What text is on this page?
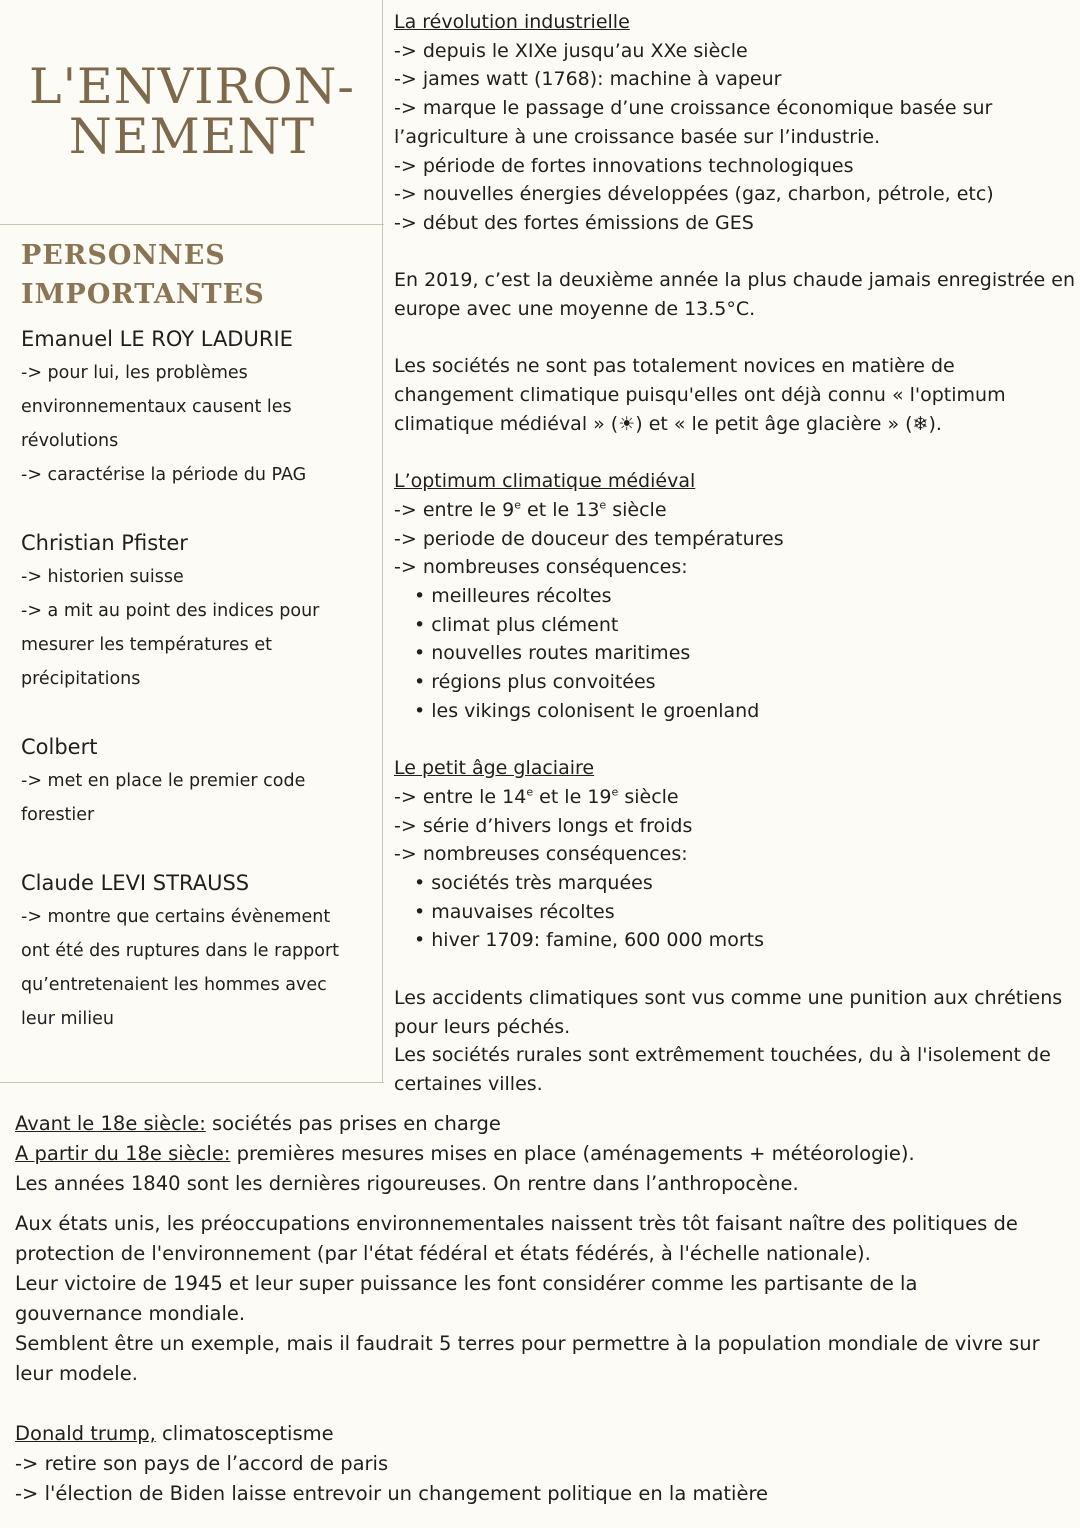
L'ENVIRON-
NEMENT
PERSONNES
IMPORTANTES
Emanuel LE ROY LADURIE
-> pour lui, les problèmes
environnementaux causent les
révolutions
-> caractérise la période du PAG
Christian Pfister
-> historien suisse
-> a mit au point des indices pour
mesurer les températures et
précipitations
Colbert
-> met en place le premier code
forestier
Claude LEVI STRAUSS
-> montre que certains évènement
ont été des ruptures dans le rapport
qu’entretenaient les hommes avec
leur milieu
La révolution industrielle
-> depuis le XIXe jusqu’au XXe siècle
-> james watt (1768): machine à vapeur
-> marque le passage d’une croissance économique basée sur
l’agriculture à une croissance basée sur l’industrie.
-> période de fortes innovations technologiques
-> nouvelles énergies développées (gaz, charbon, pétrole, etc)
-> début des fortes émissions de GES
En 2019, c’est la deuxième année la plus chaude jamais enregistrée en
europe avec une moyenne de 13.5°C.
Les sociétés ne sont pas totalement novices en matière de
changement climatique puisqu'elles ont déjà connu « l'optimum
climatique médiéval » (☀) et « le petit âge glacière » (❄).
L’optimum climatique médiéval
-> entre le 9e et le 13e siècle
-> periode de douceur des températures
-> nombreuses conséquences:
• meilleures récoltes
• climat plus clément
• nouvelles routes maritimes
• régions plus convoitées
• les vikings colonisent le groenland
Le petit âge glaciaire
-> entre le 14e et le 19e siècle
-> série d’hivers longs et froids
-> nombreuses conséquences:
• sociétés très marquées
• mauvaises récoltes
• hiver 1709: famine, 600 000 morts
Les accidents climatiques sont vus comme une punition aux chrétiens
pour leurs péchés.
Les sociétés rurales sont extrêmement touchées, du à l'isolement de
certaines villes.
Avant le 18e siècle: sociétés pas prises en charge
A partir du 18e siècle: premières mesures mises en place (aménagements + météorologie).
Les années 1840 sont les dernières rigoureuses. On rentre dans l’anthropocène.
Aux états unis, les préoccupations environnementales naissent très tôt faisant naître des politiques de
protection de l'environnement (par l'état fédéral et états fédérés, à l'échelle nationale).
Leur victoire de 1945 et leur super puissance les font considérer comme les partisante de la
gouvernance mondiale.
Semblent être un exemple, mais il faudrait 5 terres pour permettre à la population mondiale de vivre sur
leur modele.
Donald trump, climatosceptisme
-> retire son pays de l’accord de paris
-> l'élection de Biden laisse entrevoir un changement politique en la matière
